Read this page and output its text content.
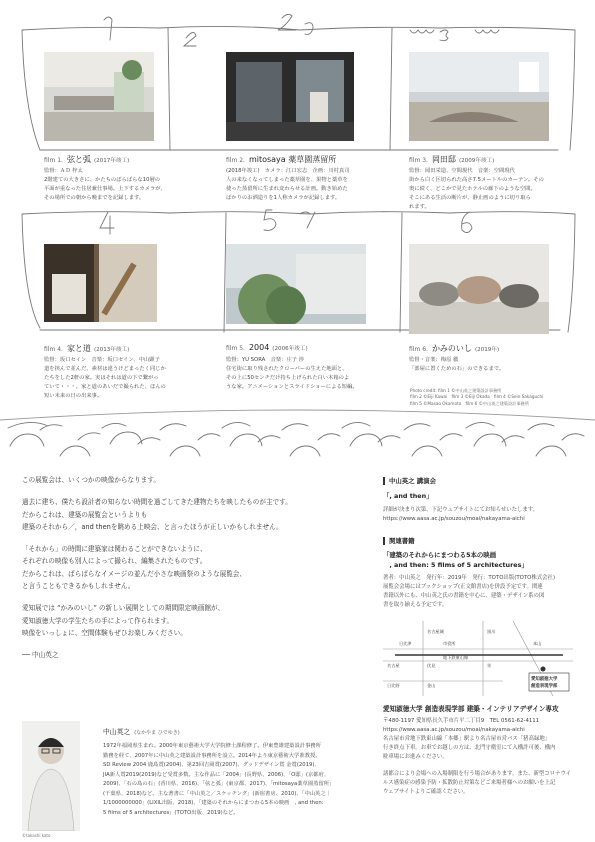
film 1. 弦と弧 (2017年竣工)
監督：ＡＤ 梓太
2階建ての大きさに、かたちのばらばらな10層の
平面が重なった住居兼仕事場。上下するカメラが、
その場所での朝から晩までを記録します。
film 2. mitosaya 薬草園蒸留所
(2018年竣工)　カメラ：江口宏志　企画：川村真司
人の来なくなってしまった薬草園を、果物と薬草を
使った蒸留所に生まれ変わらせる計画。動き始めた
ばかりのお酒造りを1人称カメラが記録します。
film 3. 岡田邸 (2009年竣工)
監督：岡田栄造、空間現代　音楽：空間現代
街から白く区切られた高さ7.5メートルのカーテン。その
奥に続く、どこかで見たホテルの廊下のような空間。
そこにある生活の断片が、静止画のように切り取ら
れます。
film 4. 家と道 (2013年竣工)
監督：坂口セイン　音楽：坂口セイン、中山顕子
道を挟んで並んだ、素材は違うけどまったく同じか
たちをした2軒の家。実はそれは道の下で繋がっ
ていて・・・。家と道のあいだで撮られた、ほんの
短い未来の日の出来事。
film 5. 2004 (2006年竣工)
監督：YU SORA　音楽：庄子 渉
住宅街に取り残されたクローバーの生えた地面と、
その上に50センチだけ持ち上げられた白い木箱のよ
うな家。アニメーションとスライドショーによる短編。
film 6. かみのいし (2019年)
監督・音楽：梅原 徹
「部屋に置くための石」のできるまで。
Photo credit: film 1 ©中山英之建築設計事務所
film 2 ©Eiji Kawai　film 3 ©Eiji Okada　film 4 ©Sein Sakaguchi
film 5 ©Masao Okamoto　film 6 ©中山英之建築設計事務所
この展覧会は、いくつかの映像からなります。
過去に建ち、僕たち設計者の知らない時間を過ごしてきた建物たちを映したものが主です。
だからこれは、建築の展覧会というよりも
建築のそれから／，and thenを眺める上映会、と言ったほうが正しいかもしれません。
「それから」の時間に建築家は関わることができないように、
それぞれの映像も別人によって撮られ、編集されたものです。
だからこれは、ばらばらなイメージの並んだ小さな映画祭のような展覧会、
と言うこともできるかもしれません。
愛知展では “かみのいし” の新しい展開としての期間限定映画館が、
愛知淑徳大学の学生たちの手によって作られます。
映像をいっしょに、空間体験もぜひお楽しみください。
── 中山英之
中山英之 講演会
「, and then」
詳細が決まり次第、下記ウェブサイトにてお知らせいたします。
https://www.aasa.ac.jp/souzou/moai/nakayama-aichi
関連書籍
「建築のそれからにまつわる5本の映画
　, and then: 5 films of 5 architectures」
著者：中山英之　発行年：2019年　発行：TOTO出版(TOTO株式会社)
展覧会会場にはブックショップ(正文館書店)を併設予定です。関連
書籍以外にも、中山英之氏の書籍を中心に、建築・デザイン系の図
書を取り揃える予定です。
名古屋城
日比津
黒川
市役所
名古屋	伏見	栄
本山
地下鉄東山線
金山
日比野
愛知淑徳大学
創造表現学部
愛知淑徳大学 創造表現学部 建築・インテリアデザイン専攻
〒480-1197 愛知県長久手市片平二丁目9　TEL 0561-62-4111
https://www.aasa.ac.jp/souzou/moai/nakayama-aichi
名古屋市営地下鉄東山線「本郷」駅より名古屋市営バス「猪高緑地」
行き終点下車。お車でお越しの方は、北門守衛室にて入構許可後、構内
駐車場にお進みください。
諸都合により会場への入場制限を行う場合があります。また、新型コロナウイ
ルス感染症の感染予防・拡散防止対策などご来場者様へのお願いを上記
ウェブサイトよりご確認ください。
©takashi kato
中山英之 (なかやま ひでゆき)
1972年福岡県生まれ。2000年東京藝術大学大学院修士課程修了。伊東豊雄建築設計事務所
勤務を経て、2007年に中山英之建築設計事務所を設立。2014年より東京藝術大学准教授。
SD Review 2004 鹿島賞(2004)、第23回吉岡賞(2007)、グッドデザイン賞 金賞(2019)、
JIA新人賞2019(2019)など受賞多数。主な作品に「2004」(長野県、2006)、「O邸」(京都府、
2009)、「石の島の石」(香川県、2016)、「弦と弧」(東京都、2017)、「mitosaya薬草園蒸留所」
(千葉県、2018)など。主な著書に「中山英之／スケッチング」(新宿書房、2010)、「中山英之｜
1/1000000000」(LIXIL出版、2018)、「建築のそれからにまつわる5本の映画　, and then:
5 films of 5 architectures」(TOTO出版、2019)など。
